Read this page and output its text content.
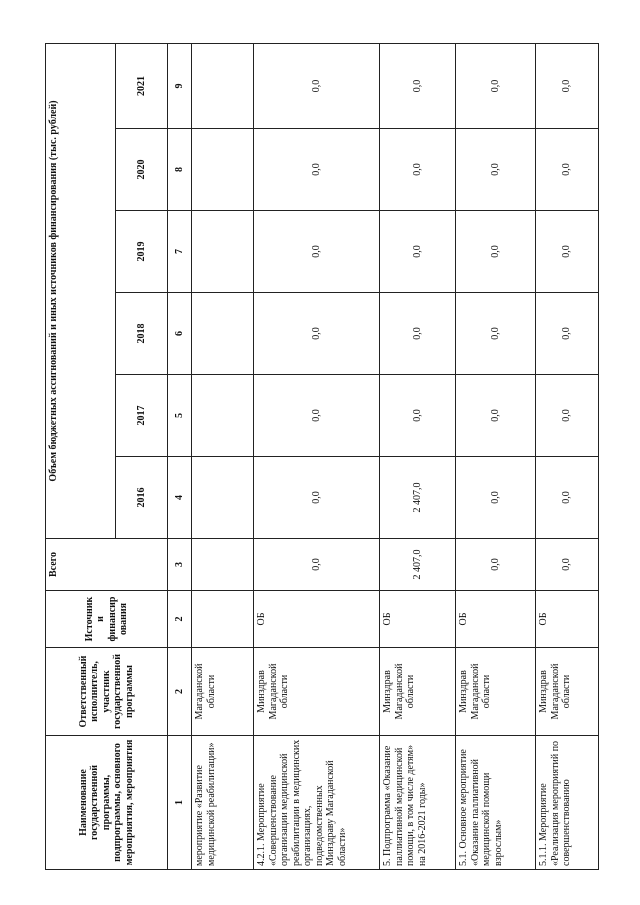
Наименование государственной программы, подпрограммы, основного мероприятия, мероприятия	Ответственный исполнитель, участник государственной программы	Источник и финансир ования	Всего	Объем бюджетных ассигнований и иных источников финансирования (тыс. рублей)					
				2016	2017	2018	2019	2020	2021
1	2	2	3	4	5	6	7	8	9
мероприятие «Развитие медицинской реабилитации»	Магаданской области								
4.2.1. Мероприятие «Совершенствование организации медицинской реабилитации в медицинских организациях, подведомственных Минздраву Магаданской области»	Минздрав Магаданской области	ОБ	0,0	0,0	0,0	0,0	0,0	0,0	0,0
5. Подпрограмма «Оказание паллиативной медицинской помощи, в том числе детям» на 2016-2021 годы»	Минздрав Магаданской области	ОБ	2 407,0	2 407,0	0,0	0,0	0,0	0,0	0,0
5.1. Основное мероприятие «Оказание паллиативной медицинской помощи взрослым»	Минздрав Магаданской области	ОБ	0,0	0,0	0,0	0,0	0,0	0,0	0,0
5.1.1. Мероприятие «Реализация мероприятий по совершенствованию	Минздрав Магаданской области	ОБ	0,0	0,0	0,0	0,0	0,0	0,0	0,0
